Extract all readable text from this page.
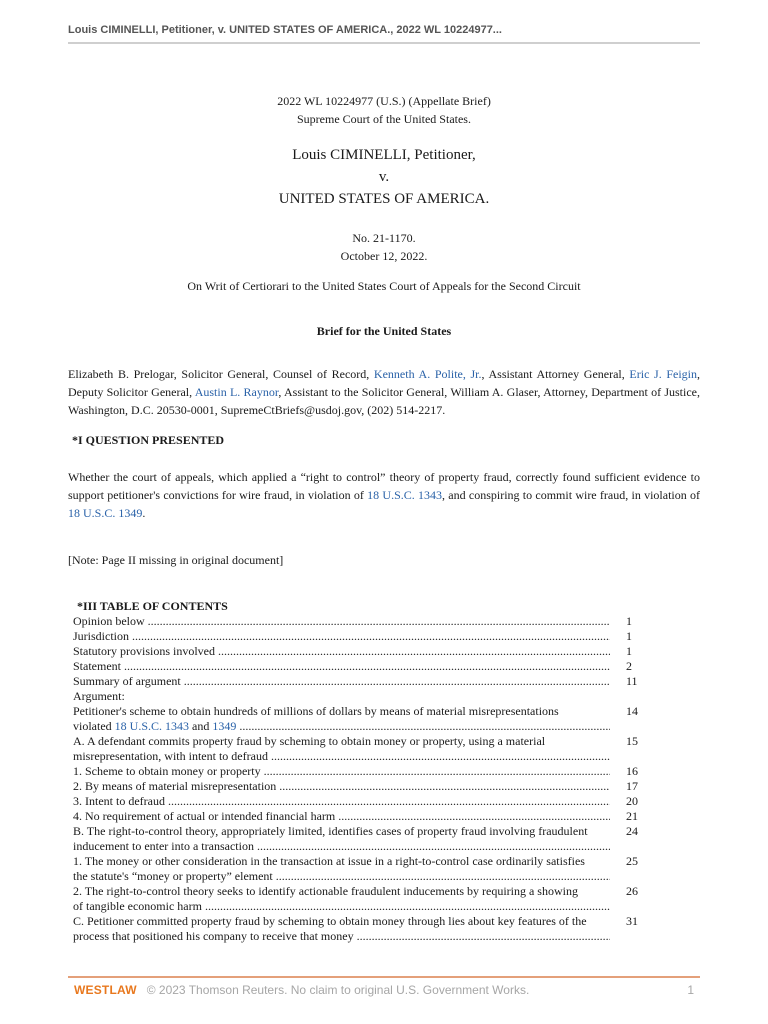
Louis CIMINELLI, Petitioner, v. UNITED STATES OF AMERICA., 2022 WL 10224977...
2022 WL 10224977 (U.S.) (Appellate Brief)
Supreme Court of the United States.
Louis CIMINELLI, Petitioner,
v.
UNITED STATES OF AMERICA.
No. 21-1170.
October 12, 2022.
On Writ of Certiorari to the United States Court of Appeals for the Second Circuit
Brief for the United States

Elizabeth B. Prelogar, Solicitor General, Counsel of Record, Kenneth A. Polite, Jr., Assistant Attorney General, Eric J. Feigin, Deputy Solicitor General, Austin L. Raynor, Assistant to the Solicitor General, William A. Glaser, Attorney, Department of Justice, Washington, D.C. 20530-0001, SupremeCtBriefs@usdoj.gov, (202) 514-2217.

*I QUESTION PRESENTED

Whether the court of appeals, which applied a “right to control” theory of property fraud, correctly found sufficient evidence to support petitioner's convictions for wire fraud, in violation of 18 U.S.C. 1343, and conspiring to commit wire fraud, in violation of 18 U.S.C. 1349.

[Note: Page II missing in original document]

*III TABLE OF CONTENTS
Opinion below .....	1
Jurisdiction .....	1
Statutory provisions involved .....	1
Statement .....	2
Summary of argument .....	11
Argument:
Petitioner's scheme to obtain hundreds of millions of dollars by means of material misrepresentations
violated 18 U.S.C. 1343 and 1349 .....
14
A. A defendant commits property fraud by scheming to obtain money or property, using a material
misrepresentation, with intent to defraud .....
15
1. Scheme to obtain money or property .....	16
2. By means of material misrepresentation .....	17
3. Intent to defraud .....	20
4. No requirement of actual or intended financial harm .....	21
B. The right-to-control theory, appropriately limited, identifies cases of property fraud involving fraudulent
inducement to enter into a transaction .....
24
1. The money or other consideration in the transaction at issue in a right-to-control case ordinarily satisfies
the statute's “money or property” element .....
25
2. The right-to-control theory seeks to identify actionable fraudulent inducements by requiring a showing
of tangible economic harm .....
26
C. Petitioner committed property fraud by scheming to obtain money through lies about key features of the
process that positioned his company to receive that money .....
31
WESTLAW © 2023 Thomson Reuters. No claim to original U.S. Government Works.	1
